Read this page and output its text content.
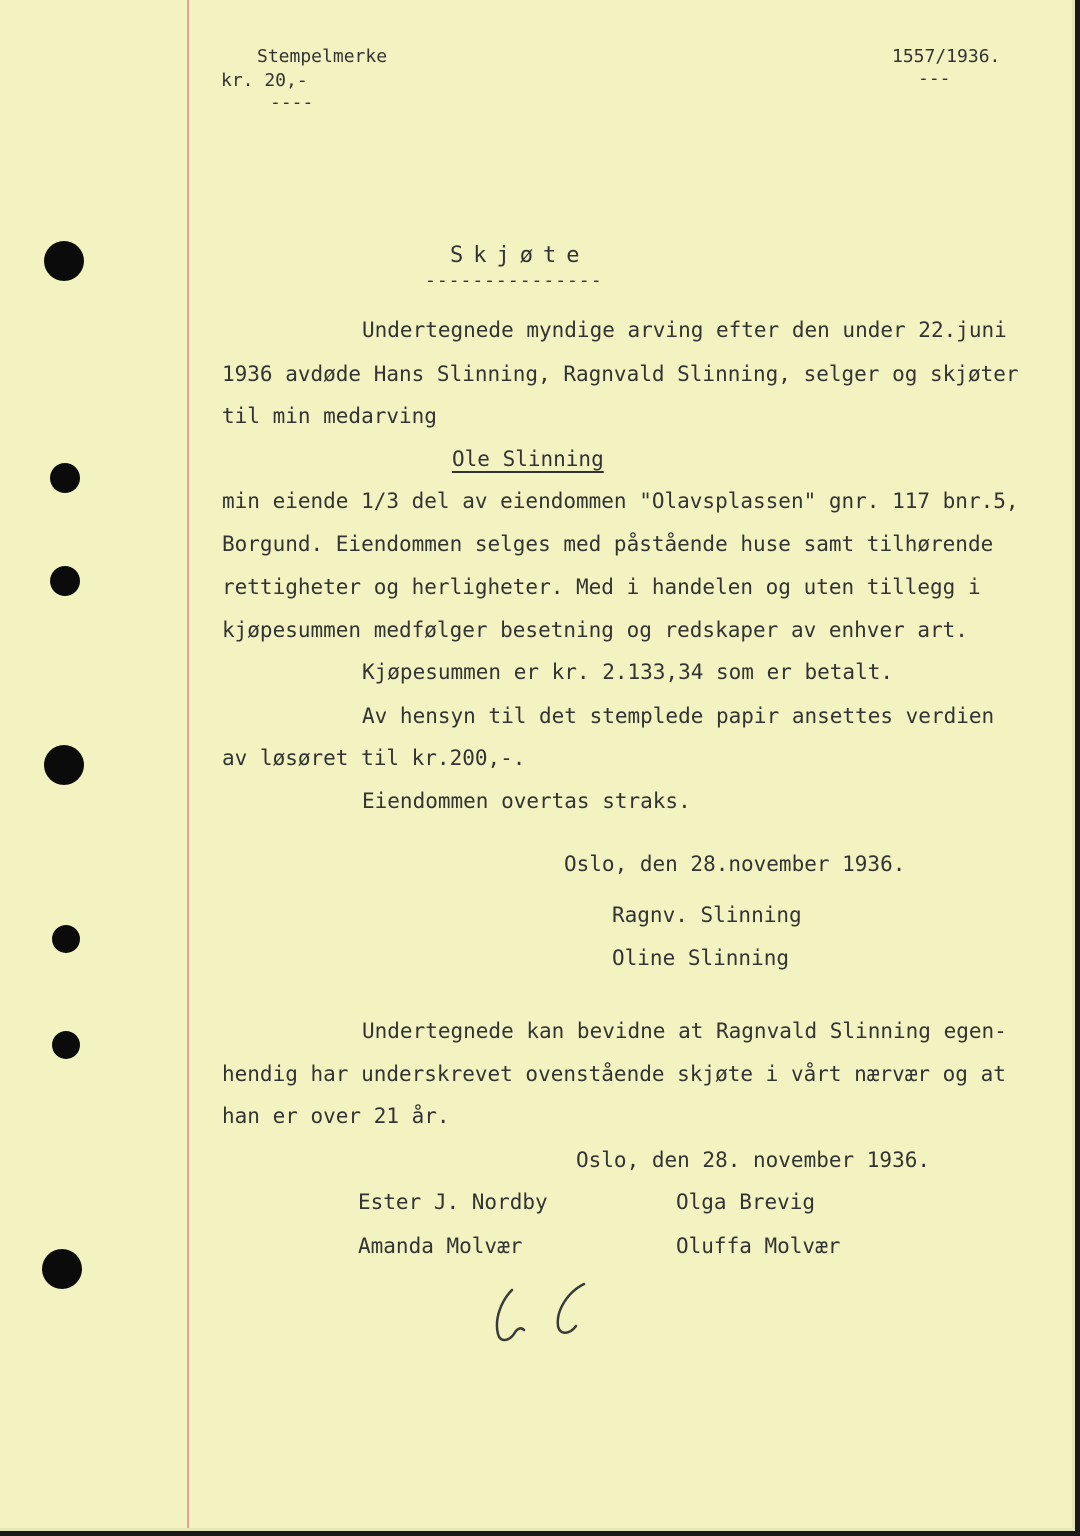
Stempelmerke
kr. 20,-
----
1557/1936.
---
Skjøte
---------------
Undertegnede myndige arving efter den under 22.juni
1936 avdøde Hans Slinning, Ragnvald Slinning, selger og skjøter
til min medarving
Ole Slinning
min eiende 1/3 del av eiendommen "Olavsplassen" gnr. 117 bnr.5,
Borgund. Eiendommen selges med påstående huse samt tilhørende
rettigheter og herligheter. Med i handelen og uten tillegg i
kjøpesummen medfølger besetning og redskaper av enhver art.
Kjøpesummen er kr. 2.133,34 som er betalt.
Av hensyn til det stemplede papir ansettes verdien
av løsøret til kr.200,-.
Eiendommen overtas straks.
Oslo, den 28.november 1936.
Ragnv. Slinning
Oline Slinning
Undertegnede kan bevidne at Ragnvald Slinning egen-
hendig har underskrevet ovenstående skjøte i vårt nærvær og at
han er over 21 år.
Oslo, den 28. november 1936.
Ester J. Nordby	Olga Brevig
Amanda Molvær	Oluffa Molvær
